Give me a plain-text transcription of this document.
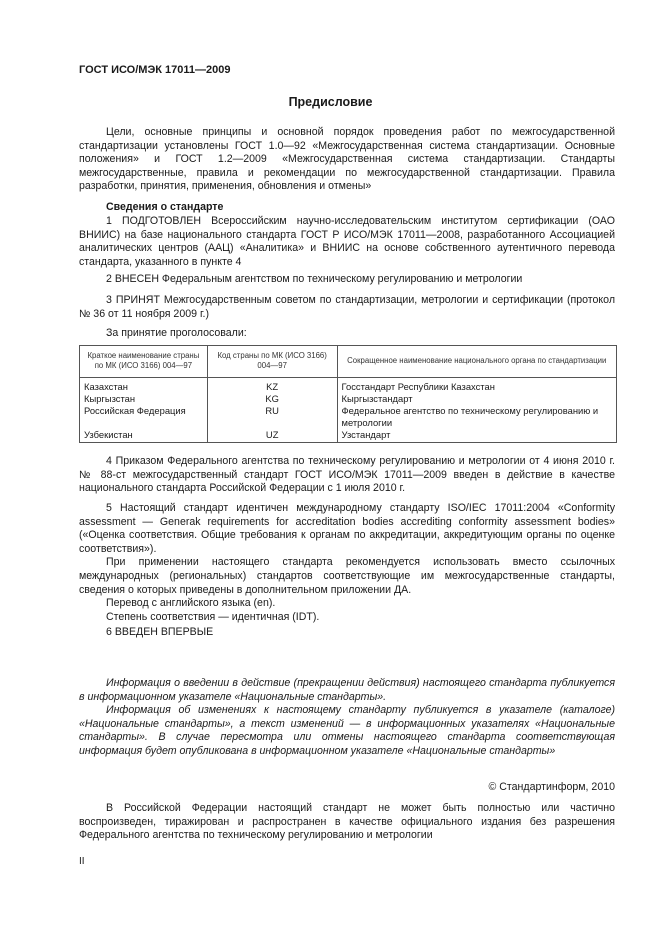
ГОСТ ИСО/МЭК 17011—2009
Предисловие

Цели, основные принципы и основной порядок проведения работ по межгосударственной стандартизации установлены ГОСТ 1.0—92 «Межгосударственная система стандартизации. Основные положения» и ГОСТ 1.2—2009 «Межгосударственная система стандартизации. Стандарты межгосударственные, правила и рекомендации по межгосударственной стандартизации. Правила разработки, принятия, применения, обновления и отмены»

Сведения о стандарте

1 ПОДГОТОВЛЕН Всероссийским научно-исследовательским институтом сертификации (ОАО ВНИИС) на базе национального стандарта ГОСТ Р ИСО/МЭК 17011—2008, разработанного Ассоциацией аналитических центров (ААЦ) «Аналитика» и ВНИИС на основе собственного аутентичного перевода стандарта, указанного в пункте 4

2 ВНЕСЕН Федеральным агентством по техническому регулированию и метрологии

3 ПРИНЯТ Межгосударственным советом по стандартизации, метрологии и сертификации (протокол № 36 от 11 ноября 2009 г.)

За принятие проголосовали:

Краткое наименование страны по МК (ИСО 3166) 004—97	Код страны по МК (ИСО 3166) 004—97	Сокращенное наименование национального органа по стандартизации
Казахстан	KZ	Госстандарт Республики Казахстан
Кыргызстан	KG	Кыргызстандарт
Российская Федерация	RU	Федеральное агентство по техническому регулированию и метрологии
Узбекистан	UZ	Узстандарт

4 Приказом Федерального агентства по техническому регулированию и метрологии от 4 июня 2010 г. № 88-ст межгосударственный стандарт ГОСТ ИСО/МЭК 17011—2009 введен в действие в качестве национального стандарта Российской Федерации с 1 июля 2010 г.

5 Настоящий стандарт идентичен международному стандарту ISO/IEC 17011:2004 «Conformity assessment — Generak requirements for accreditation bodies accrediting conformity assessment bodies» («Оценка соответствия. Общие требования к органам по аккредитации, аккредитующим органы по оценке соответствия»).

При применении настоящего стандарта рекомендуется использовать вместо ссылочных международных (региональных) стандартов соответствующие им межгосударственные стандарты, сведения о которых приведены в дополнительном приложении ДА.

Перевод с английского языка (en).

Степень соответствия — идентичная (IDT).

6 ВВЕДЕН ВПЕРВЫЕ

Информация о введении в действие (прекращении действия) настоящего стандарта публикуется в информационном указателе «Национальные стандарты».

Информация об изменениях к настоящему стандарту публикуется в указателе (каталоге) «Национальные стандарты», а текст изменений — в информационных указателях «Национальные стандарты». В случае пересмотра или отмены настоящего стандарта соответствующая информация будет опубликована в информационном указателе «Национальные стандарты»

© Стандартинформ, 2010

В Российской Федерации настоящий стандарт не может быть полностью или частично воспроизведен, тиражирован и распространен в качестве официального издания без разрешения Федерального агентства по техническому регулированию и метрологии

II
